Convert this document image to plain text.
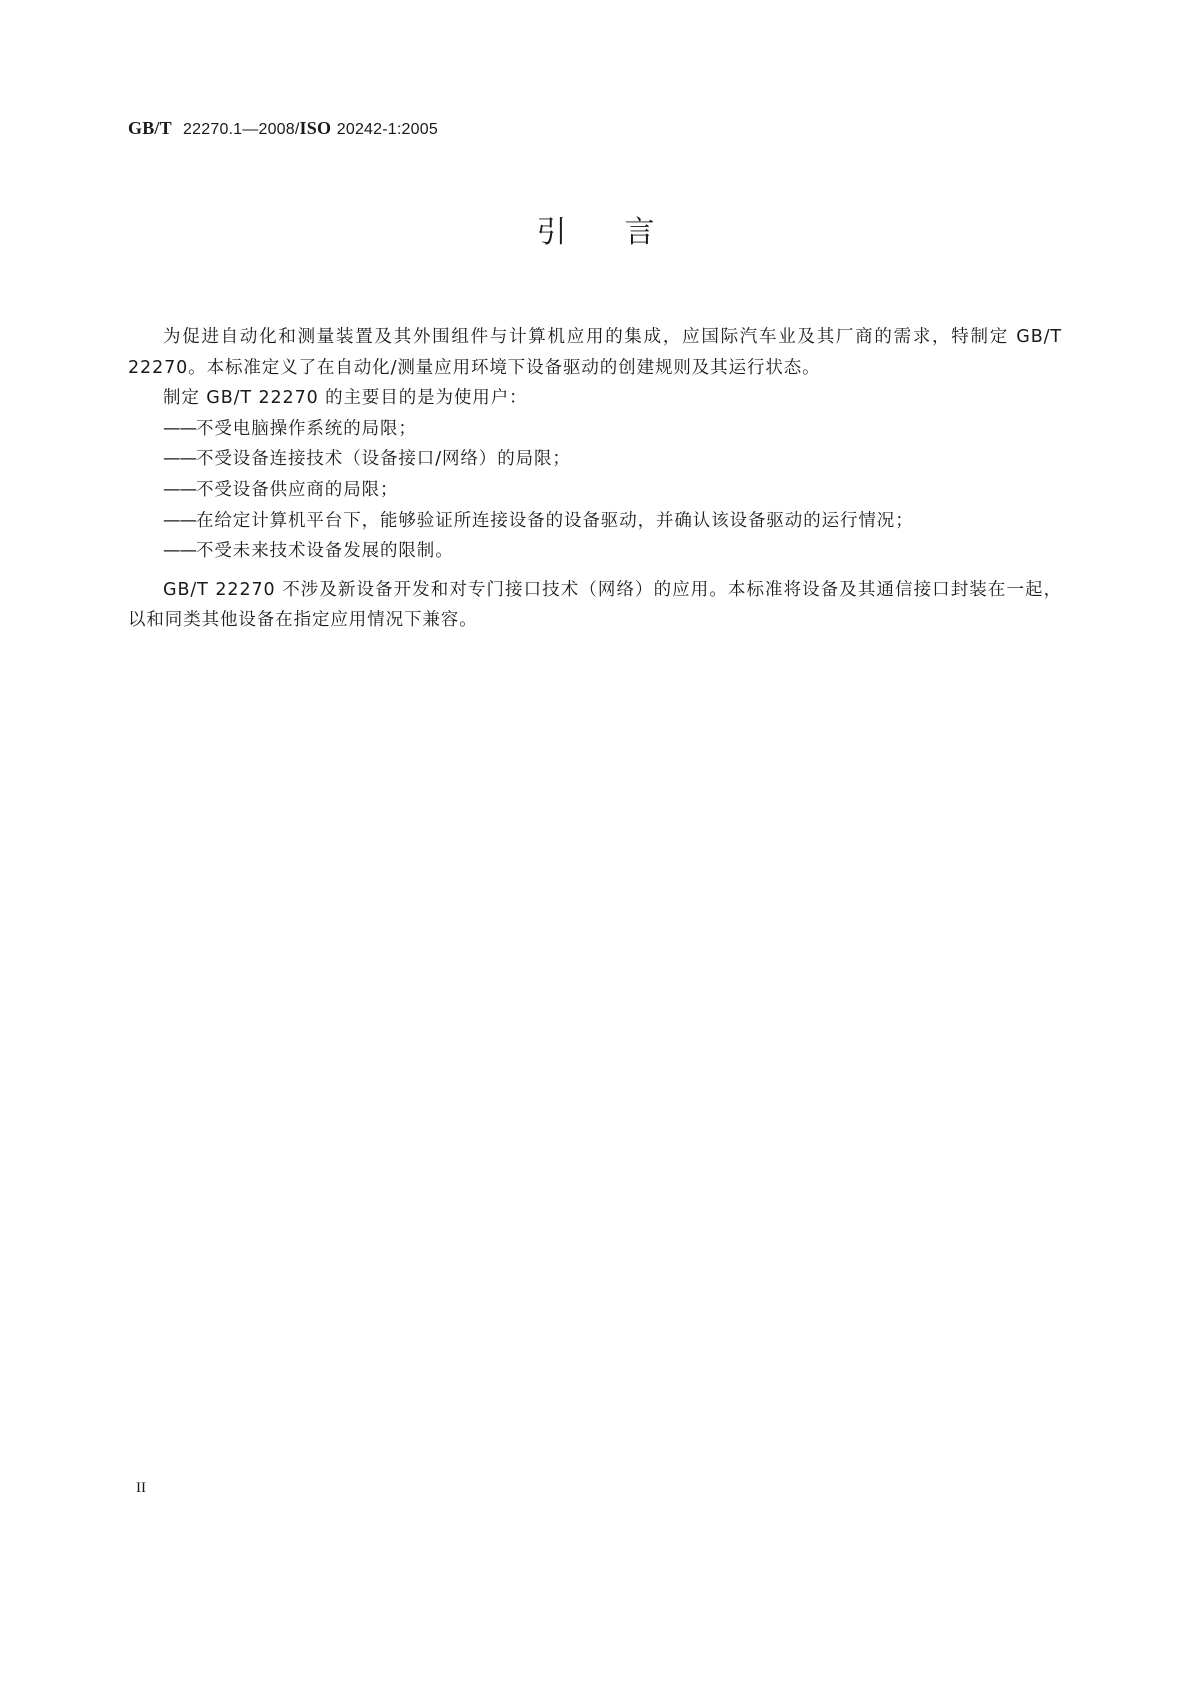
GB/T 22270.1—2008/ISO 20242-1:2005
引言

为促进自动化和测量装置及其外围组件与计算机应用的集成，应国际汽车业及其厂商的需求，特制定 GB/T 22270。本标准定义了在自动化/测量应用环境下设备驱动的创建规则及其运行状态。

制定 GB/T 22270 的主要目的是为使用户：

——不受电脑操作系统的局限；

——不受设备连接技术（设备接口/网络）的局限；

——不受设备供应商的局限；

——在给定计算机平台下，能够验证所连接设备的设备驱动，并确认该设备驱动的运行情况；

——不受未来技术设备发展的限制。

GB/T 22270 不涉及新设备开发和对专门接口技术（网络）的应用。本标准将设备及其通信接口封装在一起，以和同类其他设备在指定应用情况下兼容。

II
